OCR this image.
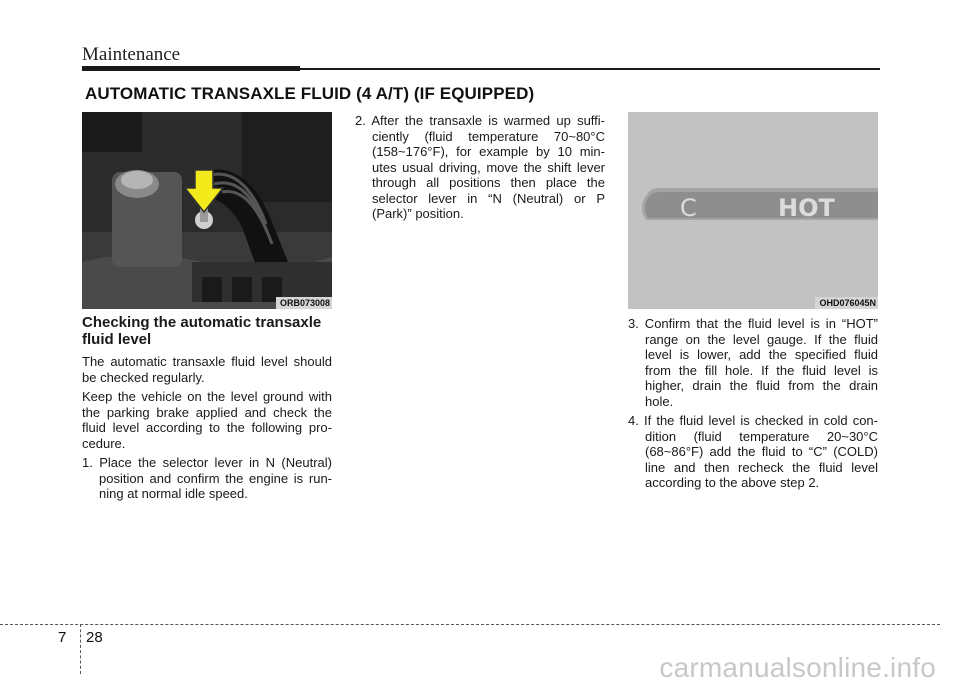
Maintenance
AUTOMATIC TRANSAXLE FLUID (4 A/T) (IF EQUIPPED)
ORB073008
C	HOT
OHD076045N
Checking the automatic transaxle fluid level

The automatic transaxle fluid level should be checked regularly.

Keep the vehicle on the level ground with the parking brake applied and check the fluid level according to the following pro-cedure.

1. Place the selector lever in N (Neutral) position and confirm the engine is run-ning at normal idle speed.

2. After the transaxle is warmed up suffi-ciently (fluid temperature 70~80°C (158~176°F), for example by 10 min-utes usual driving, move the shift lever through all positions then place the selector lever in “N (Neutral) or P (Park)” position.

3. Confirm that the fluid level is in “HOT” range on the level gauge. If the fluid level is lower, add the specified fluid from the fill hole. If the fluid level is higher, drain the fluid from the drain hole.

4. If the fluid level is checked in cold con-dition (fluid temperature 20~30°C (68~86°F) add the fluid to “C” (COLD) line and then recheck the fluid level according to the above step 2.

7 28
carmanualsonline.info
